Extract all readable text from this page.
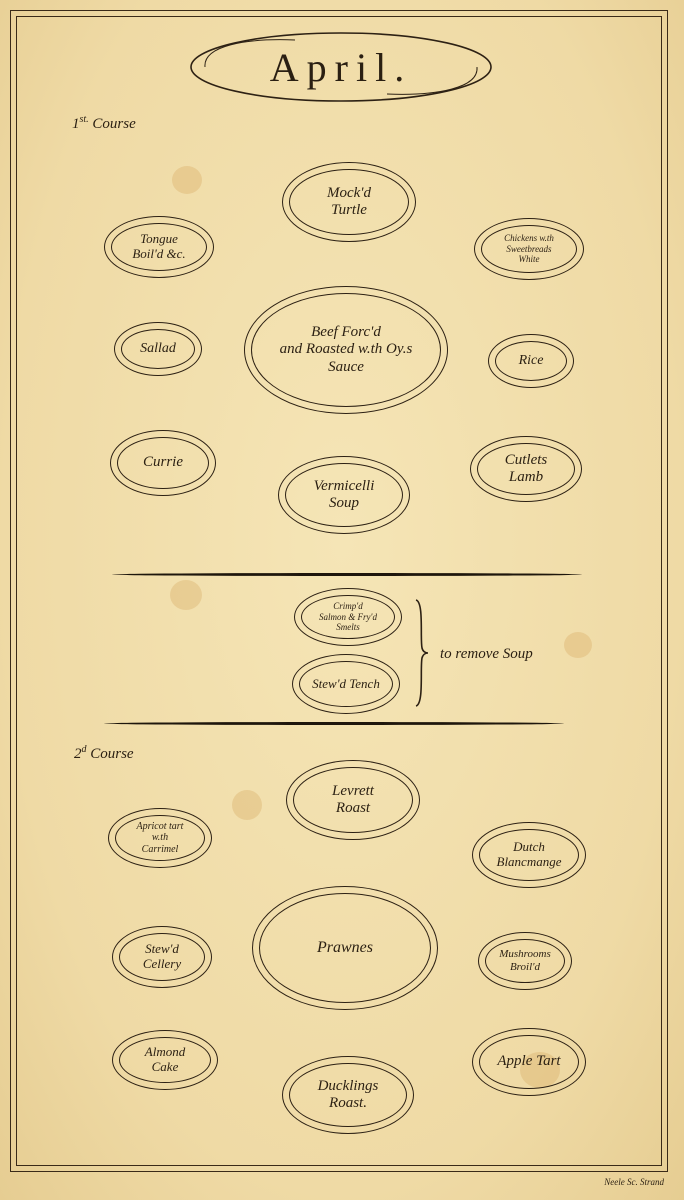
April.
$1^{st.}$ Course
Mock'd
Turtle
Tongue
Boil'd &c.
Chickens w.th
Sweetbreads
White
Sallad
Beef Forc'd
and Roasted w.th Oy.s
Sauce	Rice
Currie	Cutlets
Lamb
Vermicelli
Soup
Crimp'd
Salmon & Fry'd
Smelts
Stew'd Tench
to remove Soup
2$^d$ Course
Levrett
Roast
Apricot tart
w.th
Carrimel	Dutch
Blancmange
Stew'd
Cellery
Prawnes	Mushrooms
Broil'd
Almond
Cake	Apple Tart
Ducklings
Roast.
Neele Sc. Strand
